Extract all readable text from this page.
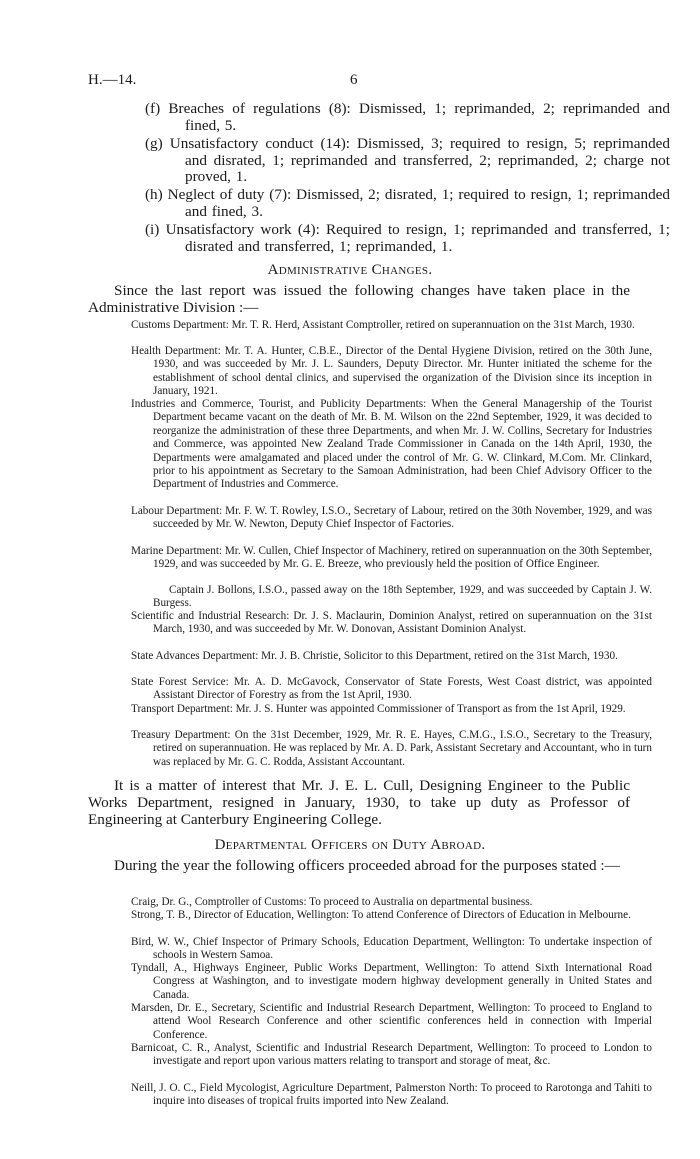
H.—14.	6
(f) Breaches of regulations (8): Dismissed, 1; reprimanded, 2; reprimanded and fined, 5.
(g) Unsatisfactory conduct (14): Dismissed, 3; required to resign, 5; reprimanded and disrated, 1; reprimanded and transferred, 2; reprimanded, 2; charge not proved, 1.
(h) Neglect of duty (7): Dismissed, 2; disrated, 1; required to resign, 1; reprimanded and fined, 3.
(i) Unsatisfactory work (4): Required to resign, 1; reprimanded and transferred, 1; disrated and transferred, 1; reprimanded, 1.
Administrative Changes.
Since the last report was issued the following changes have taken place in the Administrative Division :—
Customs Department: Mr. T. R. Herd, Assistant Comptroller, retired on superannuation on the 31st March, 1930.
Health Department: Mr. T. A. Hunter, C.B.E., Director of the Dental Hygiene Division, retired on the 30th June, 1930, and was succeeded by Mr. J. L. Saunders, Deputy Director. Mr. Hunter initiated the scheme for the establishment of school dental clinics, and supervised the organization of the Division since its inception in January, 1921.
Industries and Commerce, Tourist, and Publicity Departments: When the General Managership of the Tourist Department became vacant on the death of Mr. B. M. Wilson on the 22nd September, 1929, it was decided to reorganize the administration of these three Departments, and when Mr. J. W. Collins, Secretary for Industries and Commerce, was appointed New Zealand Trade Commissioner in Canada on the 14th April, 1930, the Departments were amalgamated and placed under the control of Mr. G. W. Clinkard, M.Com. Mr. Clinkard, prior to his appointment as Secretary to the Samoan Administration, had been Chief Advisory Officer to the Department of Industries and Commerce.
Labour Department: Mr. F. W. T. Rowley, I.S.O., Secretary of Labour, retired on the 30th November, 1929, and was succeeded by Mr. W. Newton, Deputy Chief Inspector of Factories.
Marine Department: Mr. W. Cullen, Chief Inspector of Machinery, retired on superannuation on the 30th September, 1929, and was succeeded by Mr. G. E. Breeze, who previously held the position of Office Engineer.
Captain J. Bollons, I.S.O., passed away on the 18th September, 1929, and was succeeded by Captain J. W. Burgess.
Scientific and Industrial Research: Dr. J. S. Maclaurin, Dominion Analyst, retired on superannuation on the 31st March, 1930, and was succeeded by Mr. W. Donovan, Assistant Dominion Analyst.
State Advances Department: Mr. J. B. Christie, Solicitor to this Department, retired on the 31st March, 1930.
State Forest Service: Mr. A. D. McGavock, Conservator of State Forests, West Coast district, was appointed Assistant Director of Forestry as from the 1st April, 1930.
Transport Department: Mr. J. S. Hunter was appointed Commissioner of Transport as from the 1st April, 1929.
Treasury Department: On the 31st December, 1929, Mr. R. E. Hayes, C.M.G., I.S.O., Secretary to the Treasury, retired on superannuation. He was replaced by Mr. A. D. Park, Assistant Secretary and Accountant, who in turn was replaced by Mr. G. C. Rodda, Assistant Accountant.
It is a matter of interest that Mr. J. E. L. Cull, Designing Engineer to the Public Works Department, resigned in January, 1930, to take up duty as Professor of Engineering at Canterbury Engineering College.
Departmental Officers on Duty Abroad.
During the year the following officers proceeded abroad for the purposes stated :—
Craig, Dr. G., Comptroller of Customs: To proceed to Australia on departmental business.
Strong, T. B., Director of Education, Wellington: To attend Conference of Directors of Education in Melbourne.
Bird, W. W., Chief Inspector of Primary Schools, Education Department, Wellington: To undertake inspection of schools in Western Samoa.
Tyndall, A., Highways Engineer, Public Works Department, Wellington: To attend Sixth International Road Congress at Washington, and to investigate modern highway development generally in United States and Canada.
Marsden, Dr. E., Secretary, Scientific and Industrial Research Department, Wellington: To proceed to England to attend Wool Research Conference and other scientific conferences held in connection with Imperial Conference.
Barnicoat, C. R., Analyst, Scientific and Industrial Research Department, Wellington: To proceed to London to investigate and report upon various matters relating to transport and storage of meat, &c.
Neill, J. O. C., Field Mycologist, Agriculture Department, Palmerston North: To proceed to Rarotonga and Tahiti to inquire into diseases of tropical fruits imported into New Zealand.
